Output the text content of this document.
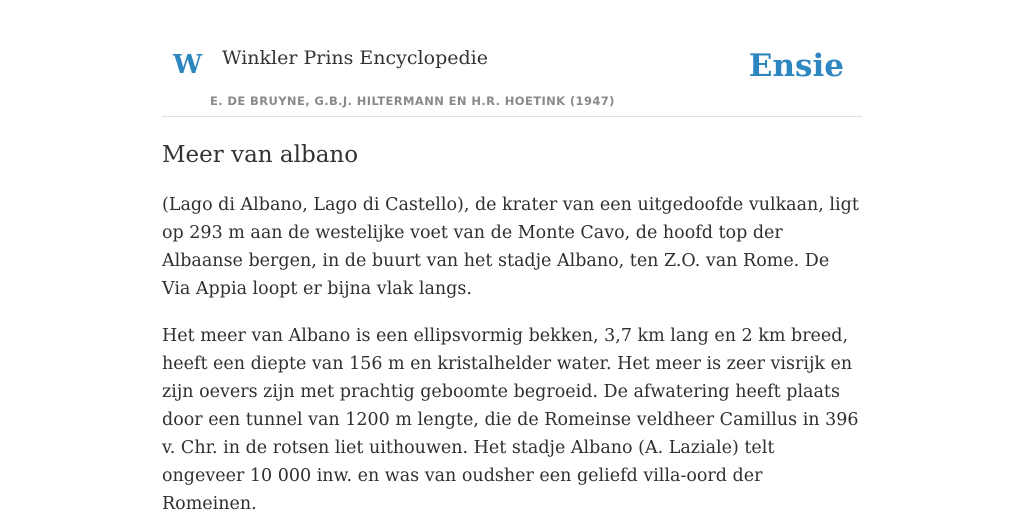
W Winkler Prins Encyclopedie
E. DE BRUYNE, G.B.J. HILTERMANN EN H.R. HOETINK (1947)
Ensie
Meer van albano

(Lago di Albano, Lago di Castello), de krater van een uitgedoofde vulkaan, ligt op 293 m aan de westelijke voet van de Monte Cavo, de hoofd top der Albaanse bergen, in de buurt van het stadje Albano, ten Z.O. van Rome. De Via Appia loopt er bijna vlak langs.

Het meer van Albano is een ellipsvormig bekken, 3,7 km lang en 2 km breed, heeft een diepte van 156 m en kristalhelder water. Het meer is zeer visrijk en zijn oevers zijn met prachtig geboomte begroeid. De afwatering heeft plaats door een tunnel van 1200 m lengte, die de Romeinse veldheer Camillus in 396 v. Chr. in de rotsen liet uithouwen. Het stadje Albano (A. Laziale) telt ongeveer 10 000 inw. en was van oudsher een geliefd villa-oord der Romeinen.
